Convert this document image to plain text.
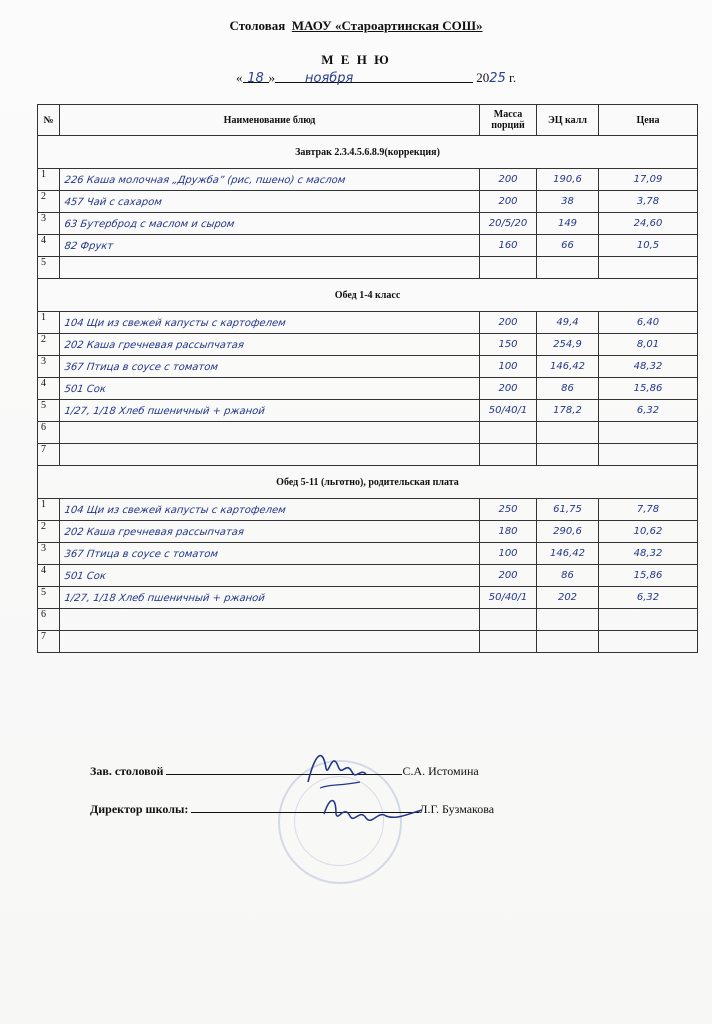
Столовая МАОУ «Староартинская СОШ»
М Е Н Ю
« 18 » ноября	2025 г.
№	Наименование блюд	Масса порций	ЭЦ калл	Цена
Завтрак 2.3.4.5.6.8.9(коррекция)				
1	226 Каша молочная „Дружба” (рис, пшено) с маслом	200	190,6	17,09
2	457 Чай с сахаром	200	38	3,78
3	63 Бутерброд с маслом и сыром	20/5/20	149	24,60
4	82 Фрукт	160	66	10,5
5				
Обед 1-4 класс				
1	104 Щи из свежей капусты с картофелем	200	49,4	6,40
2	202 Каша гречневая рассыпчатая	150	254,9	8,01
3	367 Птица в соусе с томатом	100	146,42	48,32
4	501 Сок	200	86	15,86
5	1/27, 1/18 Хлеб пшеничный + ржаной	50/40/1	178,2	6,32
6				
7				
Обед 5-11 (льготно), родительская плата				
1	104 Щи из свежей капусты с картофелем	250	61,75	7,78
2	202 Каша гречневая рассыпчатая	180	290,6	10,62
3	367 Птица в соусе с томатом	100	146,42	48,32
4	501 Сок	200	86	15,86
5	1/27, 1/18 Хлеб пшеничный + ржаной	50/40/1	202	6,32
6				
7				
Зав. столовой	С.А. Истомина
Директор школы:	Л.Г. Бузмакова
